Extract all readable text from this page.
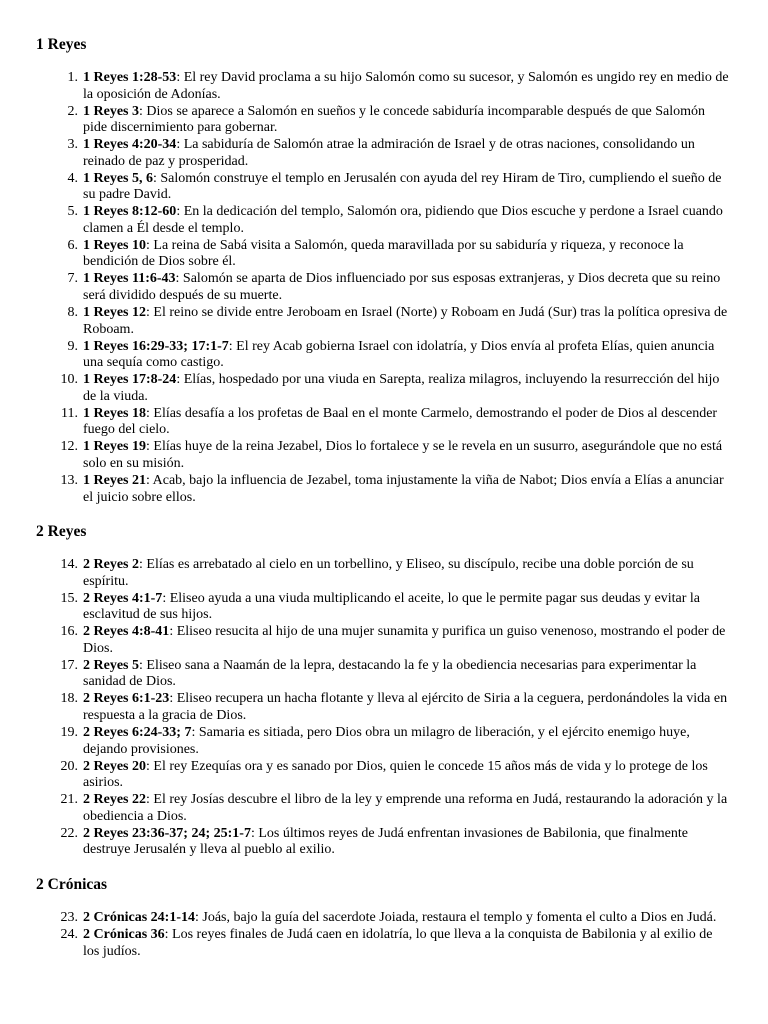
1 Reyes
1. 1 Reyes 1:28-53: El rey David proclama a su hijo Salomón como su sucesor, y Salomón es ungido rey en medio de la oposición de Adonías.
2. 1 Reyes 3: Dios se aparece a Salomón en sueños y le concede sabiduría incomparable después de que Salomón pide discernimiento para gobernar.
3. 1 Reyes 4:20-34: La sabiduría de Salomón atrae la admiración de Israel y de otras naciones, consolidando un reinado de paz y prosperidad.
4. 1 Reyes 5, 6: Salomón construye el templo en Jerusalén con ayuda del rey Hiram de Tiro, cumpliendo el sueño de su padre David.
5. 1 Reyes 8:12-60: En la dedicación del templo, Salomón ora, pidiendo que Dios escuche y perdone a Israel cuando clamen a Él desde el templo.
6. 1 Reyes 10: La reina de Sabá visita a Salomón, queda maravillada por su sabiduría y riqueza, y reconoce la bendición de Dios sobre él.
7. 1 Reyes 11:6-43: Salomón se aparta de Dios influenciado por sus esposas extranjeras, y Dios decreta que su reino será dividido después de su muerte.
8. 1 Reyes 12: El reino se divide entre Jeroboam en Israel (Norte) y Roboam en Judá (Sur) tras la política opresiva de Roboam.
9. 1 Reyes 16:29-33; 17:1-7: El rey Acab gobierna Israel con idolatría, y Dios envía al profeta Elías, quien anuncia una sequía como castigo.
10. 1 Reyes 17:8-24: Elías, hospedado por una viuda en Sarepta, realiza milagros, incluyendo la resurrección del hijo de la viuda.
11. 1 Reyes 18: Elías desafía a los profetas de Baal en el monte Carmelo, demostrando el poder de Dios al descender fuego del cielo.
12. 1 Reyes 19: Elías huye de la reina Jezabel, Dios lo fortalece y se le revela en un susurro, asegurándole que no está solo en su misión.
13. 1 Reyes 21: Acab, bajo la influencia de Jezabel, toma injustamente la viña de Nabot; Dios envía a Elías a anunciar el juicio sobre ellos.
2 Reyes
14. 2 Reyes 2: Elías es arrebatado al cielo en un torbellino, y Eliseo, su discípulo, recibe una doble porción de su espíritu.
15. 2 Reyes 4:1-7: Eliseo ayuda a una viuda multiplicando el aceite, lo que le permite pagar sus deudas y evitar la esclavitud de sus hijos.
16. 2 Reyes 4:8-41: Eliseo resucita al hijo de una mujer sunamita y purifica un guiso venenoso, mostrando el poder de Dios.
17. 2 Reyes 5: Eliseo sana a Naamán de la lepra, destacando la fe y la obediencia necesarias para experimentar la sanidad de Dios.
18. 2 Reyes 6:1-23: Eliseo recupera un hacha flotante y lleva al ejército de Siria a la ceguera, perdonándoles la vida en respuesta a la gracia de Dios.
19. 2 Reyes 6:24-33; 7: Samaria es sitiada, pero Dios obra un milagro de liberación, y el ejército enemigo huye, dejando provisiones.
20. 2 Reyes 20: El rey Ezequías ora y es sanado por Dios, quien le concede 15 años más de vida y lo protege de los asirios.
21. 2 Reyes 22: El rey Josías descubre el libro de la ley y emprende una reforma en Judá, restaurando la adoración y la obediencia a Dios.
22. 2 Reyes 23:36-37; 24; 25:1-7: Los últimos reyes de Judá enfrentan invasiones de Babilonia, que finalmente destruye Jerusalén y lleva al pueblo al exilio.
2 Crónicas
23. 2 Crónicas 24:1-14: Joás, bajo la guía del sacerdote Joiada, restaura el templo y fomenta el culto a Dios en Judá.
24. 2 Crónicas 36: Los reyes finales de Judá caen en idolatría, lo que lleva a la conquista de Babilonia y al exilio de los judíos.
